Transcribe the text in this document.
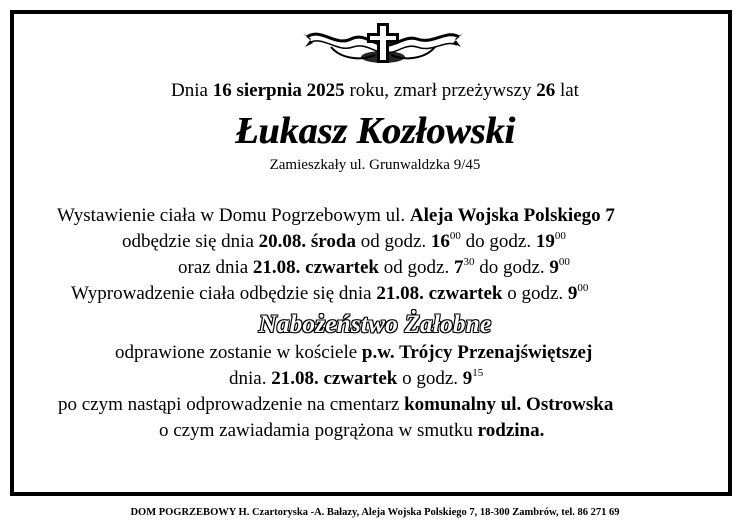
Dnia 16 sierpnia 2025 roku, zmarł przeżywszy 26 lat
Łukasz Kozłowski
Zamieszkały ul. Grunwaldzka 9/45
Wystawienie ciała w Domu Pogrzebowym ul. Aleja Wojska Polskiego 7
odbędzie się dnia 20.08. środa od godz. $16^{00}$ do godz. $19^{00}$
oraz dnia 21.08. czwartek od godz. $7^{30}$ do godz. $9^{00}$
Wyprowadzenie ciała odbędzie się dnia 21.08. czwartek o godz. $9^{00}$
Nabożeństwo Żałobne
odprawione zostanie w kościele p.w. Trójcy Przenajświętszej
dnia. 21.08. czwartek o godz. $9^{15}$
po czym nastąpi odprowadzenie na cmentarz komunalny ul. Ostrowska
o czym zawiadamia pogrążona w smutku rodzina.
DOM POGRZEBOWY H. Czartoryska -A. Bałazy, Aleja Wojska Polskiego 7, 18-300 Zambrów, tel. 86 271 69
